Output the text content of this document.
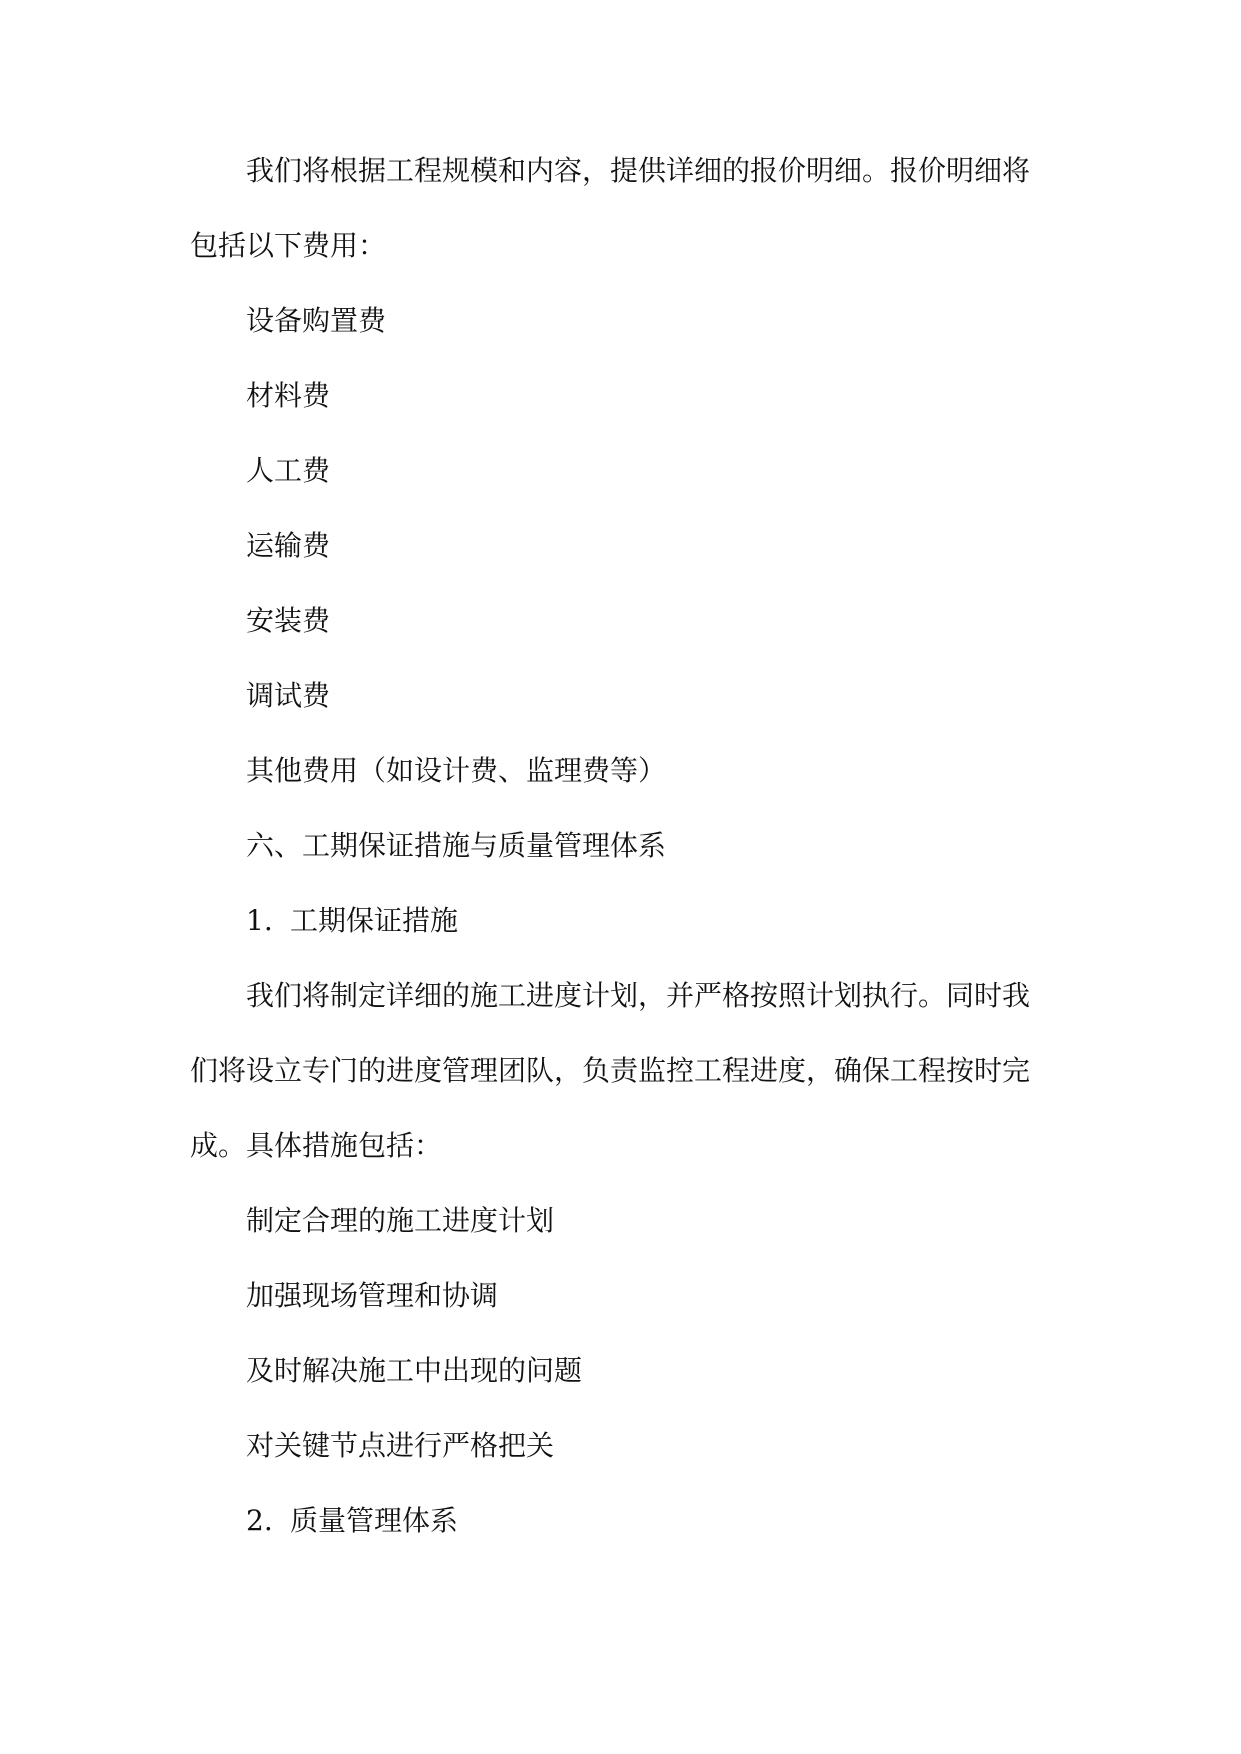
我们将根据工程规模和内容，提供详细的报价明细。报价明细将
包括以下费用：
设备购置费
材料费
人工费
运输费
安装费
调试费
其他费用（如设计费、监理费等）
六、工期保证措施与质量管理体系
1. 工期保证措施
我们将制定详细的施工进度计划，并严格按照计划执行。同时我
们将设立专门的进度管理团队，负责监控工程进度，确保工程按时完
成。具体措施包括：
制定合理的施工进度计划
加强现场管理和协调
及时解决施工中出现的问题
对关键节点进行严格把关
2. 质量管理体系
